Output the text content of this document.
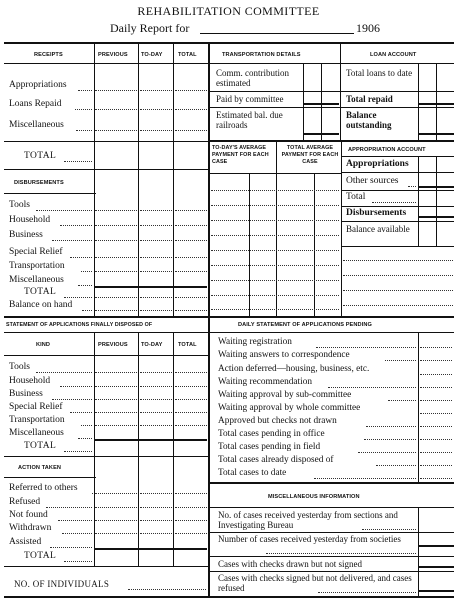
REHABILITATION COMMITTEE
Daily Report for	1906
RECEIPTS	PREVIOUS TO-DAY	TOTAL
Appropriations
Loans Repaid
Miscellaneous
TOTAL
DISBURSEMENTS
Tools
Household
Business
Special Relief
Transportation
Miscellaneous
TOTAL
Balance on hand
STATEMENT OF APPLICATIONS FINALLY DISPOSED OF
KIND	PREVIOUS TO-DAY	TOTAL
Tools
Household
Business
Special Relief
Transportation
Miscellaneous
TOTAL
ACTION TAKEN
Referred to others
Refused
Not found
Withdrawn
Assisted
TOTAL
NO. OF INDIVIDUALS
TRANSPORTATION DETAILS	LOAN ACCOUNT
Comm. contribution estimated
Paid by committee
Estimated bal. due railroads
Total loans to date
Total repaid
Balance outstanding
TO-DAY'S AVERAGE PAYMENT FOR EACH CASE
TOTAL AVERAGE PAYMENT FOR EACH CASE
APPROPRIATION ACCOUNT
Appropriations
Other sources
Total
Disbursements
Balance available
DAILY STATEMENT OF APPLICATIONS PENDING
Waiting registration
Waiting answers to correspondence
Action deferred—housing, business, etc.
Waiting recommendation
Waiting approval by sub-committee
Waiting approval by whole committee
Approved but checks not drawn
Total cases pending in office
Total cases pending in field
Total cases already disposed of
Total cases to date
MISCELLANEOUS INFORMATION
No. of cases received yesterday from sections and Investigating Bureau
Number of cases received yesterday from societies
Cases with checks drawn but not signed
Cases with checks signed but not delivered, and cases refused
